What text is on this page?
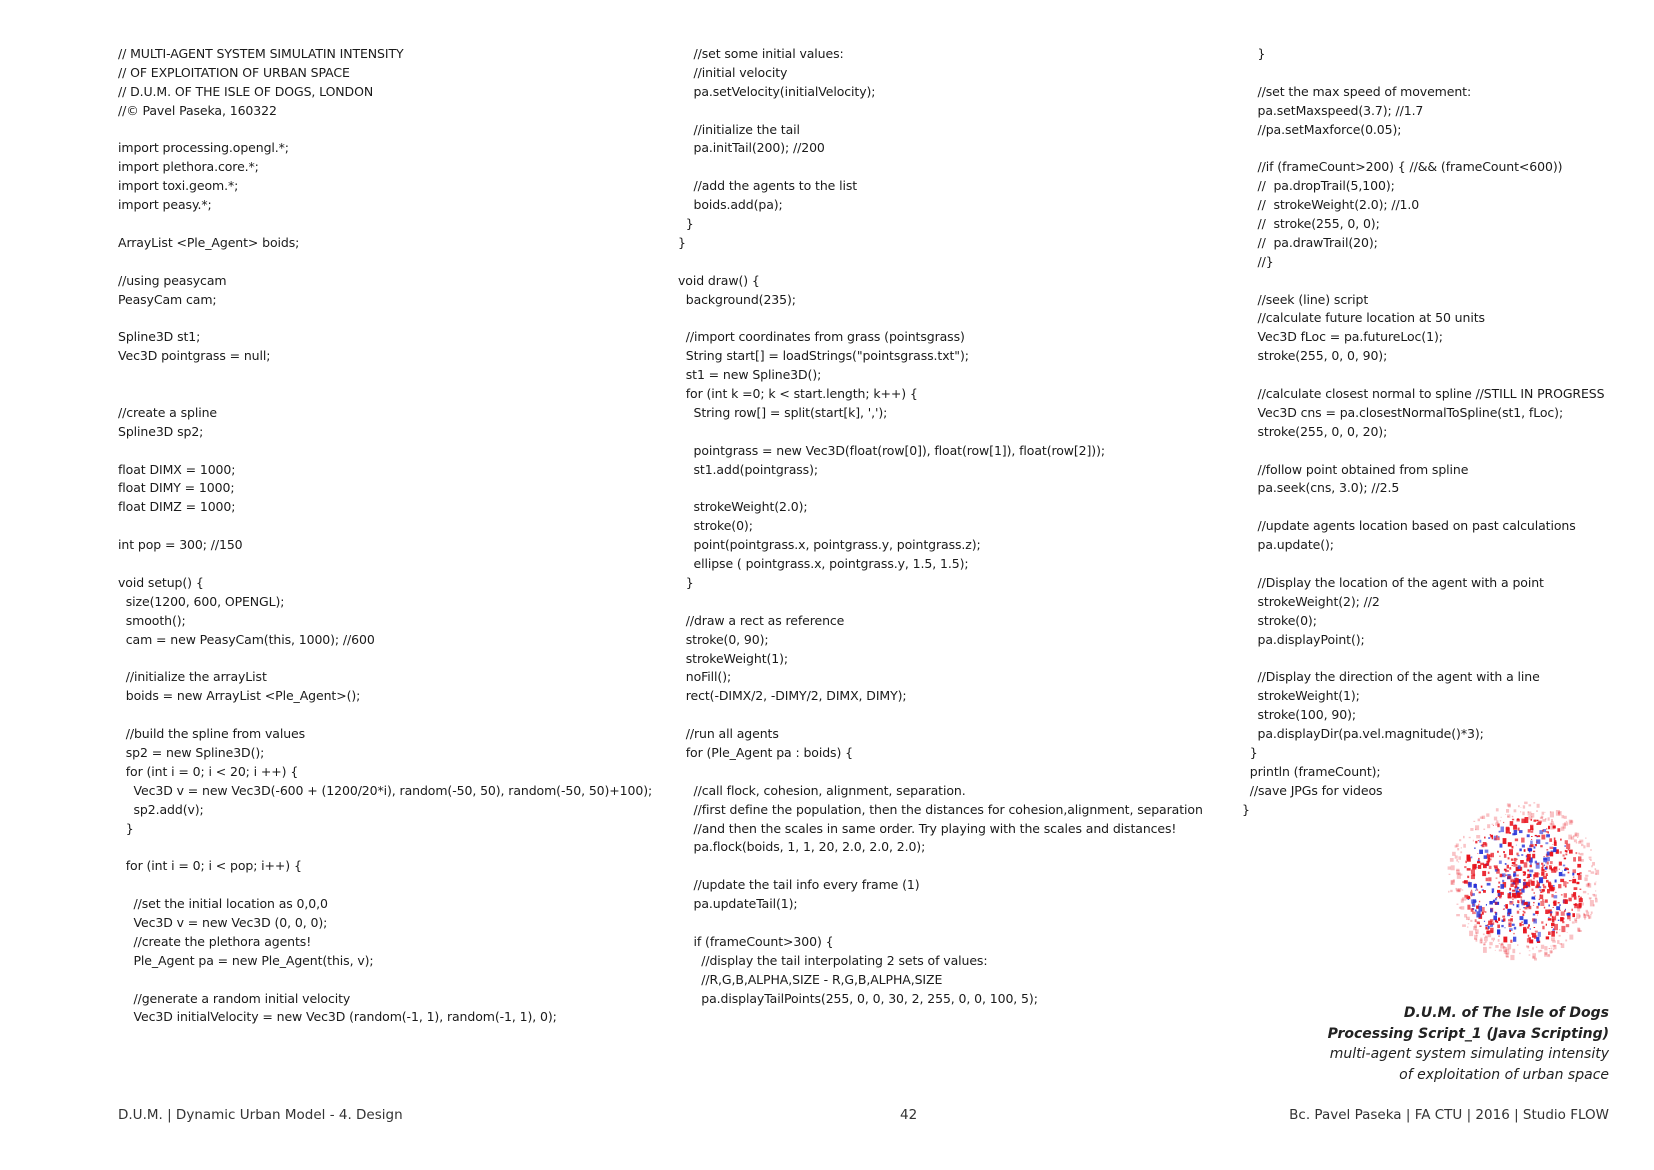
// MULTI-AGENT SYSTEM SIMULATIN INTENSITY
// OF EXPLOITATION OF URBAN SPACE
// D.U.M. OF THE ISLE OF DOGS, LONDON
//© Pavel Paseka, 160322
import processing.opengl.*;
import plethora.core.*;
import toxi.geom.*;
import peasy.*;
ArrayList <Ple_Agent> boids;
//using peasycam
PeasyCam cam;
Spline3D st1;
Vec3D pointgrass = null;
//create a spline
Spline3D sp2;
float DIMX = 1000;
float DIMY = 1000;
float DIMZ = 1000;
int pop = 300; //150
void setup() {
size(1200, 600, OPENGL);
smooth();
cam = new PeasyCam(this, 1000); //600
//initialize the arrayList
boids = new ArrayList <Ple_Agent>();
//build the spline from values
sp2 = new Spline3D();
for (int i = 0; i < 20; i ++) {
Vec3D v = new Vec3D(-600 + (1200/20*i), random(-50, 50), random(-50, 50)+100);
sp2.add(v);
}
for (int i = 0; i < pop; i++) {
//set the initial location as 0,0,0
Vec3D v = new Vec3D (0, 0, 0);
//create the plethora agents!
Ple_Agent pa = new Ple_Agent(this, v);
//generate a random initial velocity
Vec3D initialVelocity = new Vec3D (random(-1, 1), random(-1, 1), 0);
//set some initial values:
//initial velocity
pa.setVelocity(initialVelocity);
//initialize the tail
pa.initTail(200); //200
//add the agents to the list
boids.add(pa);
}
}
void draw() {
background(235);
//import coordinates from grass (pointsgrass)
String start[] = loadStrings("pointsgrass.txt");
st1 = new Spline3D();
for (int k =0; k < start.length; k++) {
String row[] = split(start[k], ',');
pointgrass = new Vec3D(float(row[0]), float(row[1]), float(row[2]));
st1.add(pointgrass);
strokeWeight(2.0);
stroke(0);
point(pointgrass.x, pointgrass.y, pointgrass.z);
ellipse ( pointgrass.x, pointgrass.y, 1.5, 1.5);
}
//draw a rect as reference
stroke(0, 90);
strokeWeight(1);
noFill();
rect(-DIMX/2, -DIMY/2, DIMX, DIMY);
//run all agents
for (Ple_Agent pa : boids) {
//call flock, cohesion, alignment, separation.
//first define the population, then the distances for cohesion,alignment, separation
//and then the scales in same order. Try playing with the scales and distances!
pa.flock(boids, 1, 1, 20, 2.0, 2.0, 2.0);
//update the tail info every frame (1)
pa.updateTail(1);
if (frameCount>300) {
//display the tail interpolating 2 sets of values:
//R,G,B,ALPHA,SIZE - R,G,B,ALPHA,SIZE
pa.displayTailPoints(255, 0, 0, 30, 2, 255, 0, 0, 100, 5);
}
//set the max speed of movement:
pa.setMaxspeed(3.7); //1.7
//pa.setMaxforce(0.05);
//if (frameCount>200) { //&& (frameCount<600))
//  pa.dropTrail(5,100);
//  strokeWeight(2.0); //1.0
//  stroke(255, 0, 0);
//  pa.drawTrail(20);
//}
//seek (line) script
//calculate future location at 50 units
Vec3D fLoc = pa.futureLoc(1);
stroke(255, 0, 0, 90);
//calculate closest normal to spline //STILL IN PROGRESS
Vec3D cns = pa.closestNormalToSpline(st1, fLoc);
stroke(255, 0, 0, 20);
//follow point obtained from spline
pa.seek(cns, 3.0); //2.5
//update agents location based on past calculations
pa.update();
//Display the location of the agent with a point
strokeWeight(2); //2
stroke(0);
pa.displayPoint();
//Display the direction of the agent with a line
strokeWeight(1);
stroke(100, 90);
pa.displayDir(pa.vel.magnitude()*3);
}
println (frameCount);
//save JPGs for videos
}
D.U.M. of The Isle of Dogs
Processing Script_1 (Java Scripting)
multi-agent system simulating intensity
of exploitation of urban space
D.U.M. | Dynamic Urban Model - 4. Design	42	Bc. Pavel Paseka | FA CTU | 2016 | Studio FLOW
